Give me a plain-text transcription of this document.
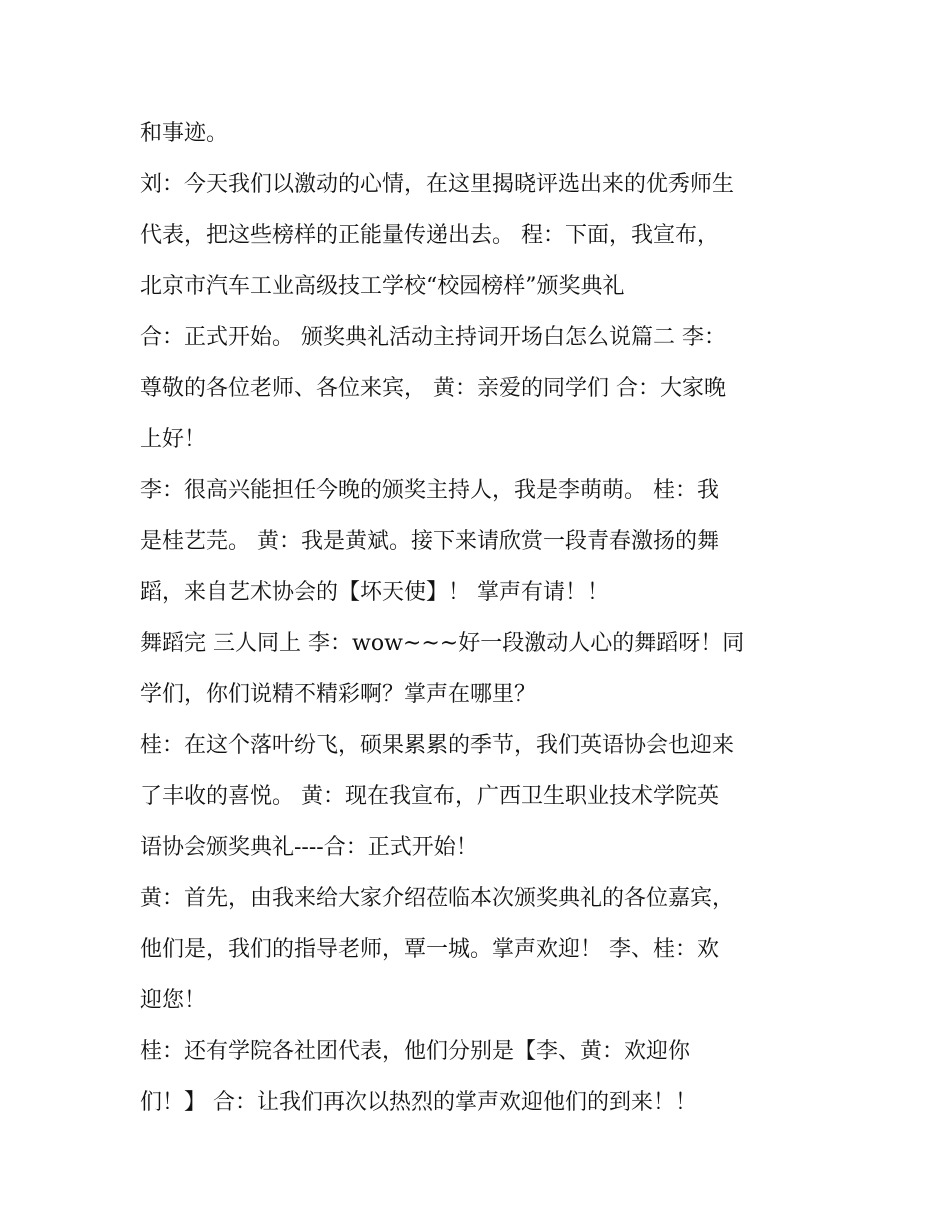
和事迹。
刘：今天我们以激动的心情，在这里揭晓评选出来的优秀师生
代表，把这些榜样的正能量传递出去。 程：下面，我宣布，
北京市汽车工业高级技工学校“校园榜样”颁奖典礼
合：正式开始。 颁奖典礼活动主持词开场白怎么说篇二 李：
尊敬的各位老师、各位来宾， 黄：亲爱的同学们 合：大家晚
上好！
李：很高兴能担任今晚的颁奖主持人，我是李萌萌。 桂：我
是桂艺芫。 黄：我是黄斌。接下来请欣赏一段青春激扬的舞
蹈，来自艺术协会的【坏天使】！ 掌声有请！！
舞蹈完 三人同上 李：wow~~~好一段激动人心的舞蹈呀！同
学们，你们说精不精彩啊？掌声在哪里？
桂：在这个落叶纷飞，硕果累累的季节，我们英语协会也迎来
了丰收的喜悦。 黄：现在我宣布，广西卫生职业技术学院英
语协会颁奖典礼----合：正式开始！
黄：首先，由我来给大家介绍莅临本次颁奖典礼的各位嘉宾，
他们是，我们的指导老师，覃一城。掌声欢迎！ 李、桂：欢
迎您！
桂：还有学院各社团代表，他们分别是【李、黄：欢迎你
们！】 合：让我们再次以热烈的掌声欢迎他们的到来！！
